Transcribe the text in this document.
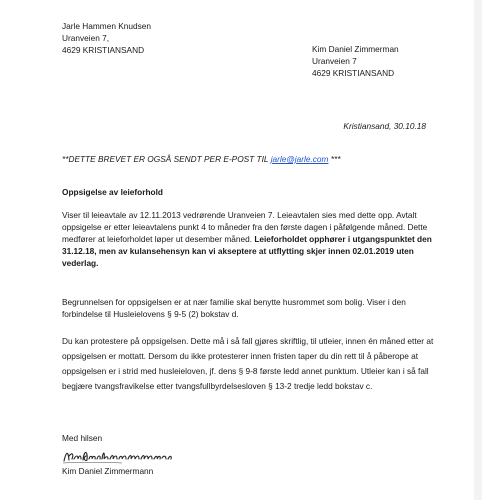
Jarle Hammen Knudsen
Uranveien 7,
4629 KRISTIANSAND	Kim Daniel Zimmerman
Uranveien 7
4629 KRISTIANSAND
Kristiansand, 30.10.18
**DETTE BREVET ER OGSÅ SENDT PER E-POST TIL jarle@jarle.com ***
Oppsigelse av leieforhold

Viser til leieavtale av 12.11.2013 vedrørende Uranveien 7. Leieavtalen sies med dette opp. Avtalt oppsigelse er etter leieavtalens punkt 4 to måneder fra den første dagen i påfølgende måned. Dette medfører at leieforholdet løper ut desember måned. Leieforholdet opphører i utgangspunktet den 31.12.18, men av kulansehensyn kan vi akseptere at utflytting skjer innen 02.01.2019 uten vederlag.

Begrunnelsen for oppsigelsen er at nær familie skal benytte husrommet som bolig. Viser i den forbindelse til Husleielovens § 9-5 (2) bokstav d.

Du kan protestere på oppsigelsen. Dette må i så fall gjøres skriftlig, til utleier, innen én måned etter at oppsigelsen er mottatt. Dersom du ikke protesterer innen fristen taper du din rett til å påberope at oppsigelsen er i strid med husleieloven, jf. dens § 9-8 første ledd annet punktum. Utleier kan i så fall begjære tvangsfravikelse etter tvangsfullbyrdelsesloven § 13-2 tredje ledd bokstav c.

Med hilsen
Kim Daniel Zimmermann
